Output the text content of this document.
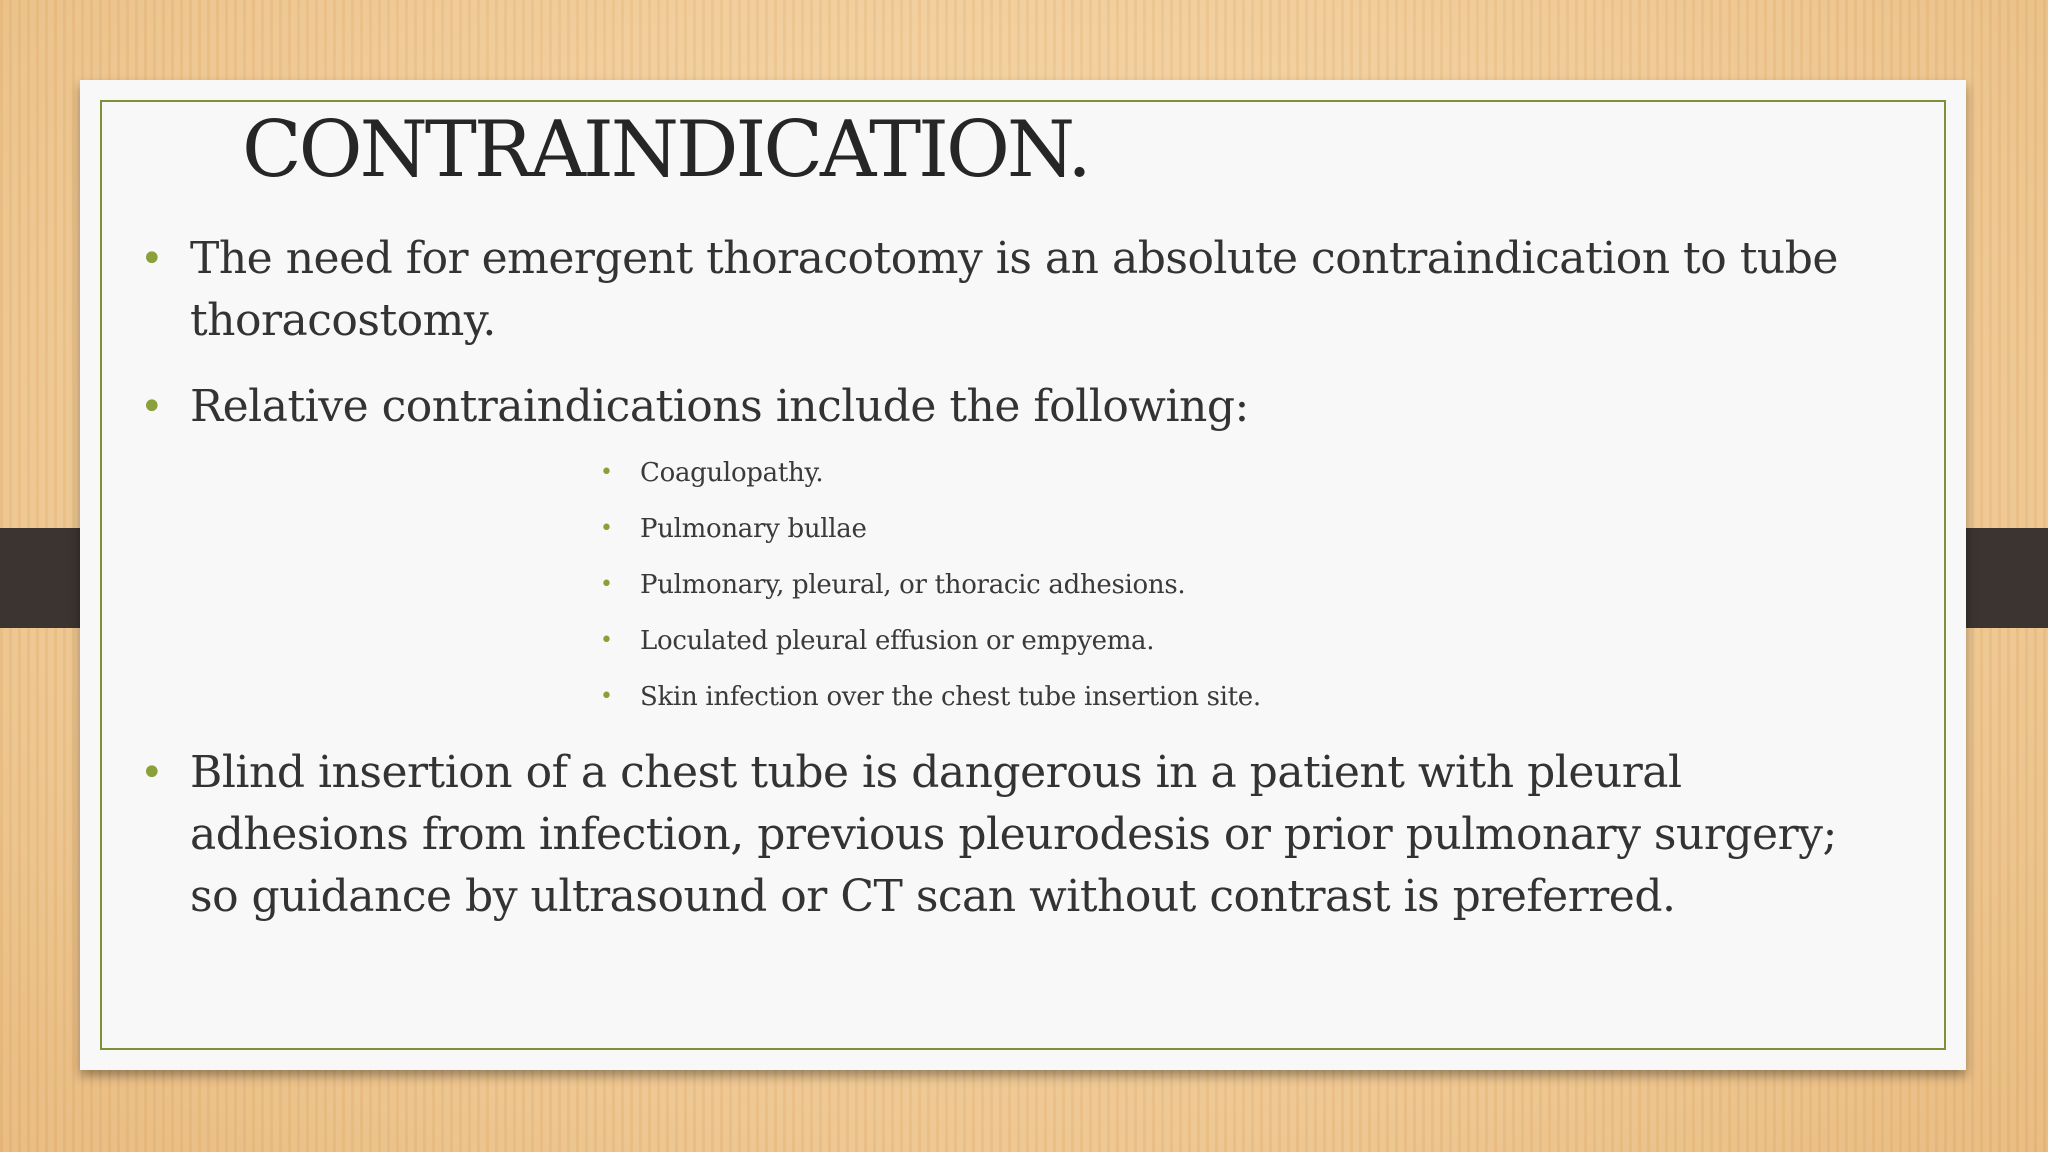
CONTRAINDICATION.
• The need for emergent thoracotomy is an absolute contraindication to tube thoracostomy.
• Relative contraindications include the following:
• Coagulopathy.
• Pulmonary bullae
• Pulmonary, pleural, or thoracic adhesions.
• Loculated pleural effusion or empyema.
• Skin infection over the chest tube insertion site.
• Blind insertion of a chest tube is dangerous in a patient with pleural adhesions from infection, previous pleurodesis or prior pulmonary surgery; so guidance by ultrasound or CT scan without contrast is preferred.
